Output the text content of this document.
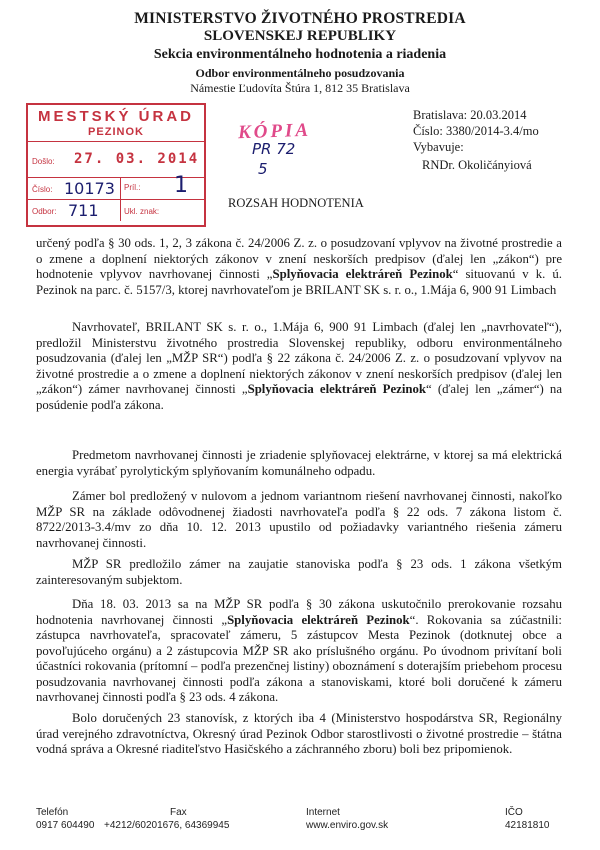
MINISTERSTVO ŽIVOTNÉHO PROSTREDIA
SLOVENSKEJ REPUBLIKY
Sekcia environmentálneho hodnotenia a riadenia
Odbor environmentálneho posudzovania
Námestie Ľudovíta Štúra 1, 812 35 Bratislava
MESTSKÝ ÚRAD
PEZINOK
Došlo: 27. 03. 2014
Číslo: 10173 Príl.: 1
Odbor: 711	Ukl. znak:
KÓPIA
PR 72
5
Bratislava: 20.03.2014
Číslo: 3380/2014-3.4/mo
Vybavuje:
RNDr. Okoličányiová
ROZSAH HODNOTENIA
určený podľa § 30 ods. 1, 2, 3 zákona č. 24/2006 Z. z. o posudzovaní vplyvov na životné prostredie a o zmene a doplnení niektorých zákonov v znení neskorších predpisov (ďalej len „zákon“) pre hodnotenie vplyvov navrhovanej činnosti „Splyňovacia elektráreň Pezinok“ situovanú v k. ú. Pezinok na parc. č. 5157/3, ktorej navrhovateľom je BRILANT SK s. r. o., 1.Mája 6, 900 91 Limbach
Navrhovateľ, BRILANT SK s. r. o., 1.Mája 6, 900 91 Limbach (ďalej len „navrhovateľ“), predložil Ministerstvu životného prostredia Slovenskej republiky, odboru environmentálneho posudzovania (ďalej len „MŽP SR“) podľa § 22 zákona č. 24/2006 Z. z. o posudzovaní vplyvov na životné prostredie a o zmene a doplnení niektorých zákonov v znení neskorších predpisov (ďalej len „zákon“) zámer navrhovanej činnosti „Splyňovacia elektráreň Pezinok“ (ďalej len „zámer“) na posúdenie podľa zákona.
Predmetom navrhovanej činnosti je zriadenie splyňovacej elektrárne, v ktorej sa má elektrická energia vyrábať pyrolytickým splyňovaním komunálneho odpadu.
Zámer bol predložený v nulovom a jednom variantnom riešení navrhovanej činnosti, nakoľko MŽP SR na základe odôvodnenej žiadosti navrhovateľa podľa § 22 ods. 7 zákona listom č. 8722/2013-3.4/mv zo dňa 10. 12. 2013 upustilo od požiadavky variantného riešenia zámeru navrhovanej činnosti.
MŽP SR predložilo zámer na zaujatie stanoviska podľa § 23 ods. 1 zákona všetkým zainteresovaným subjektom.
Dňa 18. 03. 2013 sa na MŽP SR podľa § 30 zákona uskutočnilo prerokovanie rozsahu hodnotenia navrhovanej činnosti „Splyňovacia elektráreň Pezinok“. Rokovania sa zúčastnili: zástupca navrhovateľa, spracovateľ zámeru, 5 zástupcov Mesta Pezinok (dotknutej obce a povoľujúceho orgánu) a 2 zástupcovia MŽP SR ako príslušného orgánu. Po úvodnom privítaní boli účastníci rokovania (prítomní – podľa prezenčnej listiny) oboznámení s doterajším priebehom procesu posudzovania navrhovanej činnosti podľa zákona a stanoviskami, ktoré boli doručené k zámeru navrhovanej činnosti podľa § 23 ods. 4 zákona.
Bolo doručených 23 stanovísk, z ktorých iba 4 (Ministerstvo hospodárstva SR, Regionálny úrad verejného zdravotníctva, Okresný úrad Pezinok Odbor starostlivosti o životné prostredie – štátna vodná správa a Okresné riaditeľstvo Hasičského a záchranného zboru) boli bez pripomienok.
Telefón
0917 604490
Fax
+4212/60201676, 64369945
Internet
www.enviro.gov.sk
IČO
42181810
